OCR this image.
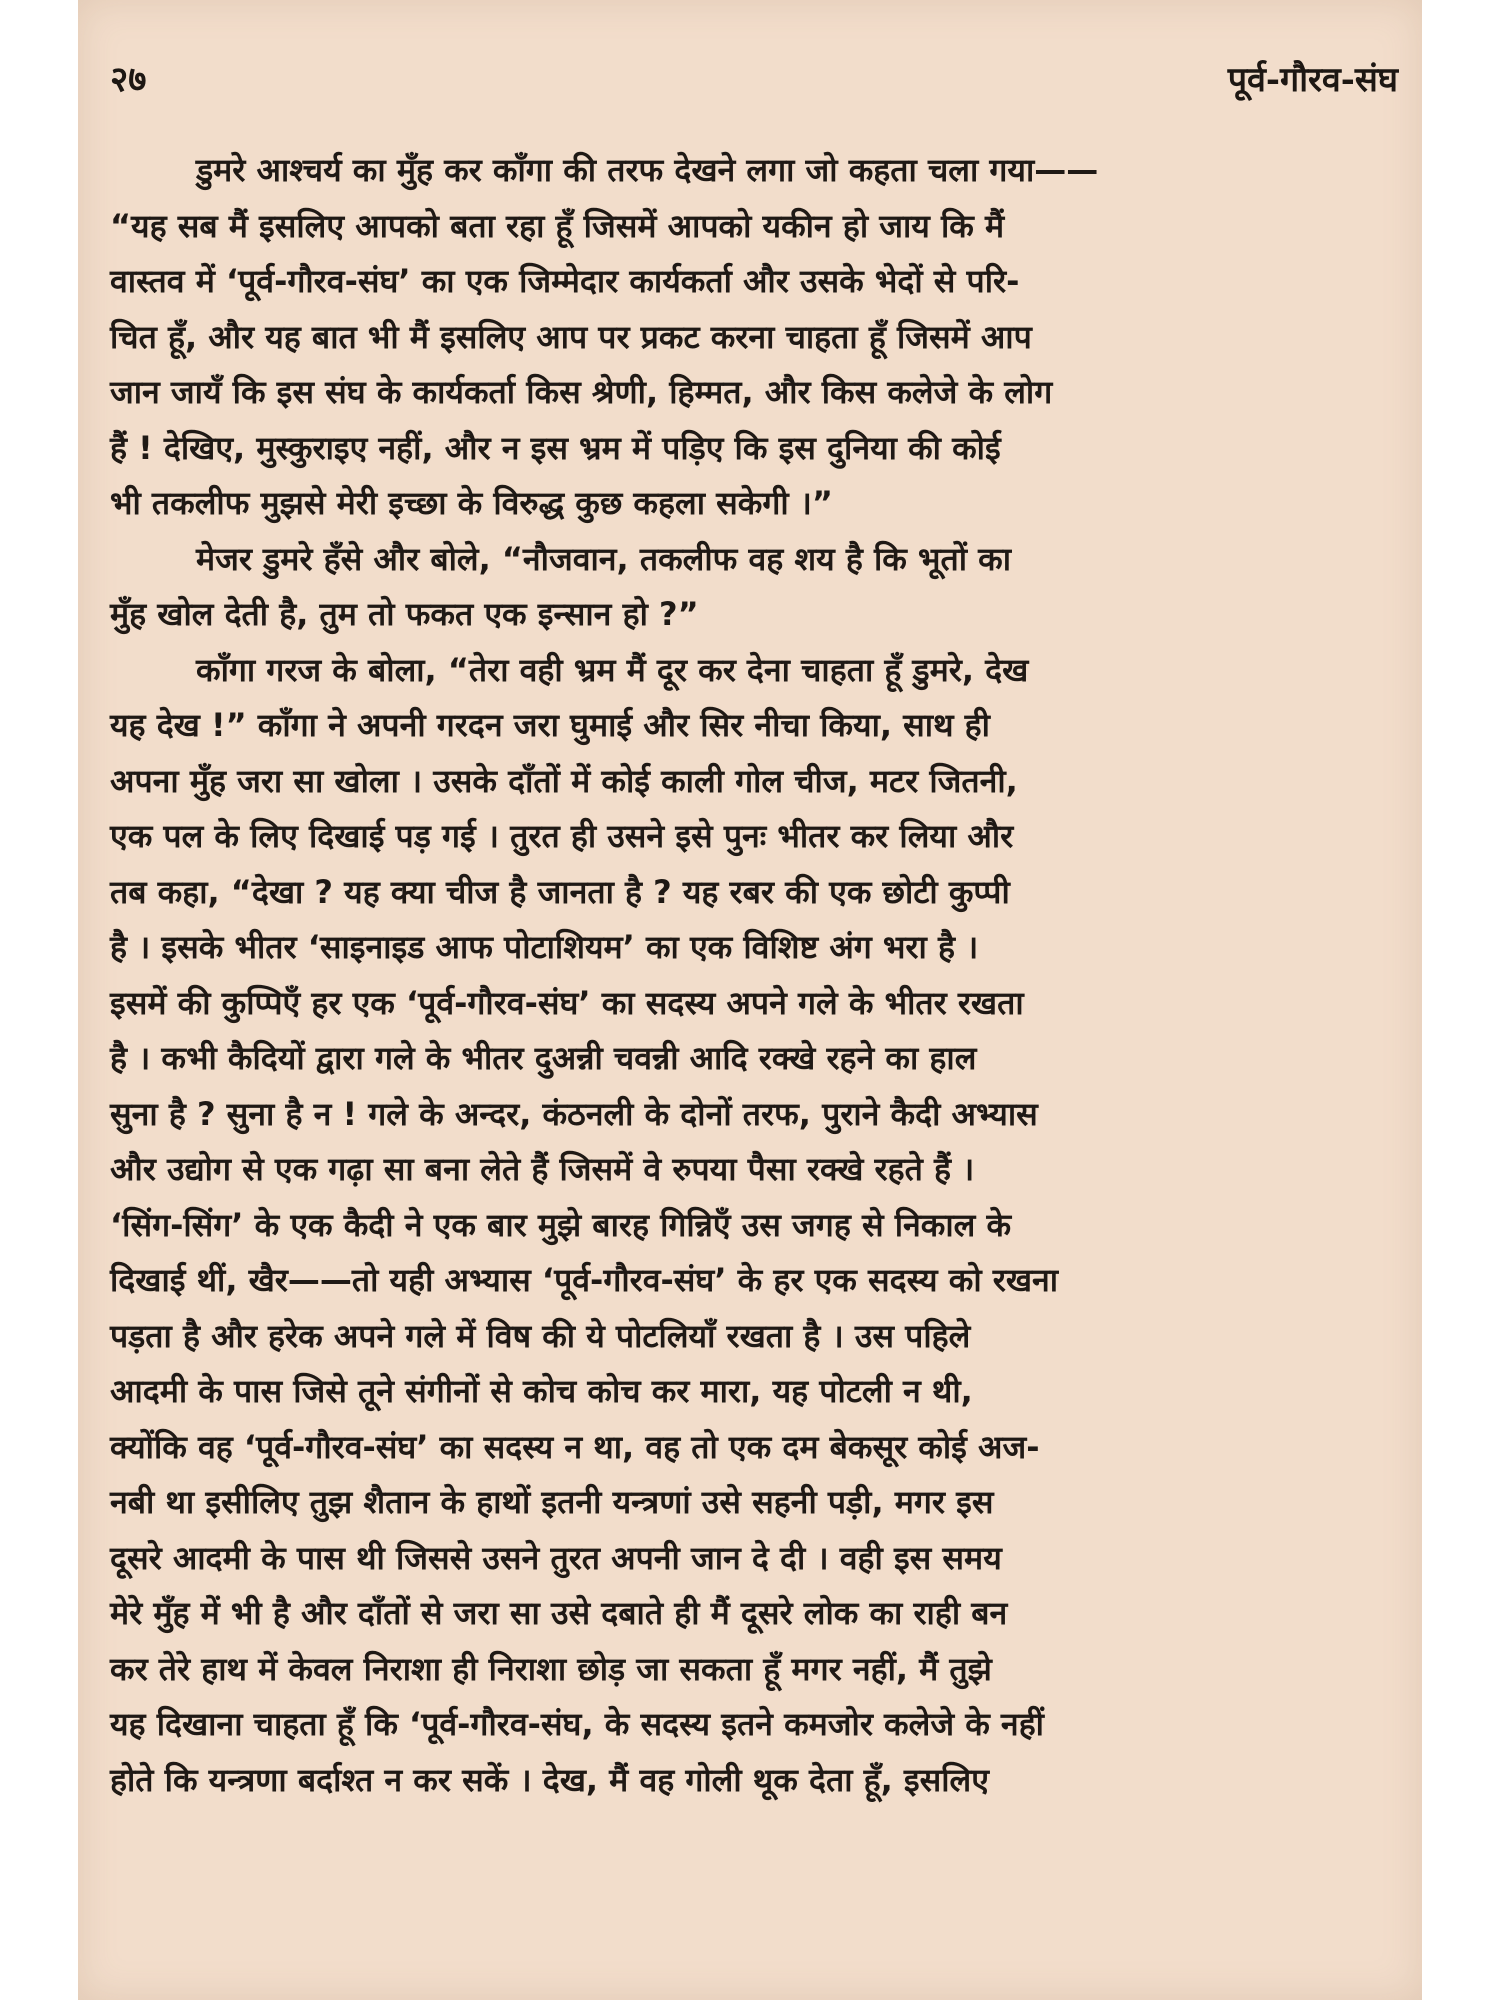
२७	पूर्व-गौरव-संघ
डुमरे आश्चर्य का मुँह कर काँगा की तरफ देखने लगा जो कहता चला गया——
“यह सब मैं इसलिए आपको बता रहा हूँ जिसमें आपको यकीन हो जाय कि मैं
वास्तव में ‘पूर्व-गौरव-संघ’ का एक जिम्मेदार कार्यकर्ता और उसके भेदों से परि-
चित हूँ, और यह बात भी मैं इसलिए आप पर प्रकट करना चाहता हूँ जिसमें आप
जान जायँ कि इस संघ के कार्यकर्ता किस श्रेणी, हिम्मत, और किस कलेजे के लोग
हैं ! देखिए, मुस्कुराइए नहीं, और न इस भ्रम में पड़िए कि इस दुनिया की कोई
भी तकलीफ मुझसे मेरी इच्छा के विरुद्ध कुछ कहला सकेगी ।”
मेजर डुमरे हँसे और बोले, “नौजवान, तकलीफ वह शय है कि भूतों का
मुँह खोल देती है, तुम तो फकत एक इन्सान हो ?”
काँगा गरज के बोला, “तेरा वही भ्रम मैं दूर कर देना चाहता हूँ डुमरे, देख
यह देख !” काँगा ने अपनी गरदन जरा घुमाई और सिर नीचा किया, साथ ही
अपना मुँह जरा सा खोला । उसके दाँतों में कोई काली गोल चीज, मटर जितनी,
एक पल के लिए दिखाई पड़ गई । तुरत ही उसने इसे पुनः भीतर कर लिया और
तब कहा, “देखा ? यह क्या चीज है जानता है ? यह रबर की एक छोटी कुप्पी
है । इसके भीतर ‘साइनाइड आफ पोटाशियम’ का एक विशिष्ट अंग भरा है ।
इसमें की कुप्पिएँ हर एक ‘पूर्व-गौरव-संघ’ का सदस्य अपने गले के भीतर रखता
है । कभी कैदियों द्वारा गले के भीतर दुअन्नी चवन्नी आदि रक्खे रहने का हाल
सुना है ? सुना है न ! गले के अन्दर, कंठनली के दोनों तरफ, पुराने कैदी अभ्यास
और उद्योग से एक गढ़ा सा बना लेते हैं जिसमें वे रुपया पैसा रक्खे रहते हैं ।
‘सिंग-सिंग’ के एक कैदी ने एक बार मुझे बारह गिन्निएँ उस जगह से निकाल के
दिखाई थीं, खैर——तो यही अभ्यास ‘पूर्व-गौरव-संघ’ के हर एक सदस्य को रखना
पड़ता है और हरेक अपने गले में विष की ये पोटलियाँ रखता है । उस पहिले
आदमी के पास जिसे तूने संगीनों से कोच कोच कर मारा, यह पोटली न थी,
क्योंकि वह ‘पूर्व-गौरव-संघ’ का सदस्य न था, वह तो एक दम बेकसूर कोई अज-
नबी था इसीलिए तुझ शैतान के हाथों इतनी यन्त्रणां उसे सहनी पड़ी, मगर इस
दूसरे आदमी के पास थी जिससे उसने तुरत अपनी जान दे दी । वही इस समय
मेरे मुँह में भी है और दाँतों से जरा सा उसे दबाते ही मैं दूसरे लोक का राही बन
कर तेरे हाथ में केवल निराशा ही निराशा छोड़ जा सकता हूँ मगर नहीं, मैं तुझे
यह दिखाना चाहता हूँ कि ‘पूर्व-गौरव-संघ, के सदस्य इतने कमजोर कलेजे के नहीं
होते कि यन्त्रणा बर्दाश्त न कर सकें । देख, मैं वह गोली थूक देता हूँ, इसलिए
